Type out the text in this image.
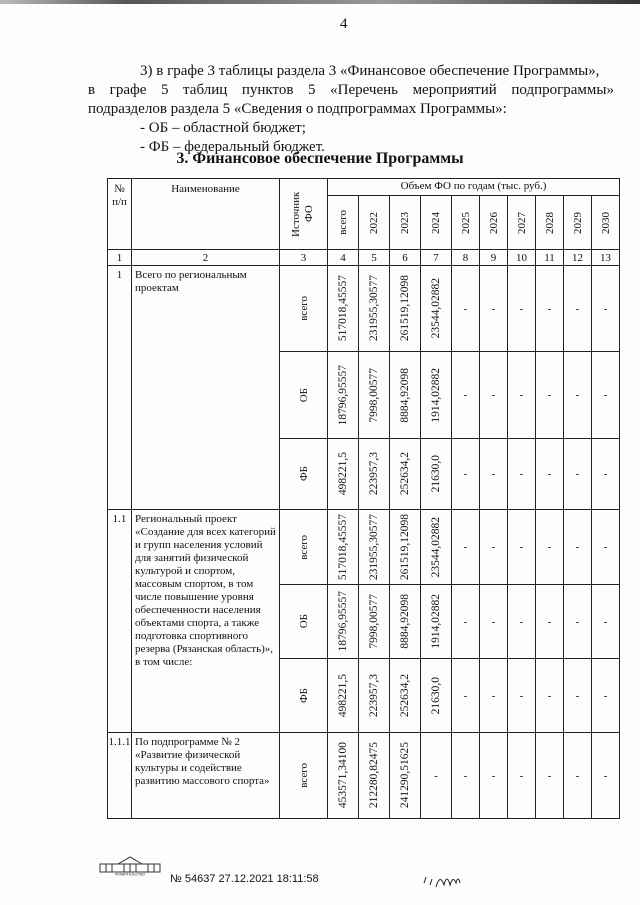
4

3) в графе 3 таблицы раздела 3 «Финансовое обеспечение Программы»,

в графе 5 таблиц пунктов 5 «Перечень мероприятий подпрограммы»

подразделов раздела 5 «Сведения о подпрограммах Программы»:

- ОБ – областной бюджет;

- ФБ – федеральный бюджет.

3. Финансовое обеспечение Программы
№ п/п	Наименование	Источник ФО	Объем ФО по годам (тыс. руб.)									

			всего	2022	2023	2024	2025	2026	2027	2028	2029	2030

1	2	3	4	5	6	7	8	9	10	11	12	13
1	Всего по региональным проектам	всего	517018,45557	231955,30577	261519,12098	23544,02882	-	-	-	-	-	-

		ОБ	18796,95557	7998,00577	8884,92098	1914,02882	-	-	-	-	-	-

		ФБ	498221,5	223957,3	252634,2	21630,0	-	-	-	-	-	-
1.1	Региональный проект «Создание для всех категорий и групп населения условий для занятий физической культурой и спортом, массовым спортом, в том числе повышение уровня обеспеченности населения объектами спорта, а также подготовка спортивного резерва (Рязанская область)», в том числе:	всего	517018,45557	231955,30577	261519,12098	23544,02882	-	-	-	-	-	-

		ОБ	18796,95557	7998,00577	8884,92098	1914,02882	-	-	-	-	-	-

		ФБ	498221,5	223957,3	252634,2	21630,0	-	-	-	-	-	-
1.1.1	По подпрограмме № 2 «Развитие физической культуры и содействие развитию массового спорта»	всего	453571,34100	212280,82475	241290,51625	-	-	-	-	-	-	-
ПРАВИТЕЛЬСТВО № 54637 27.12.2021 18:11:58
